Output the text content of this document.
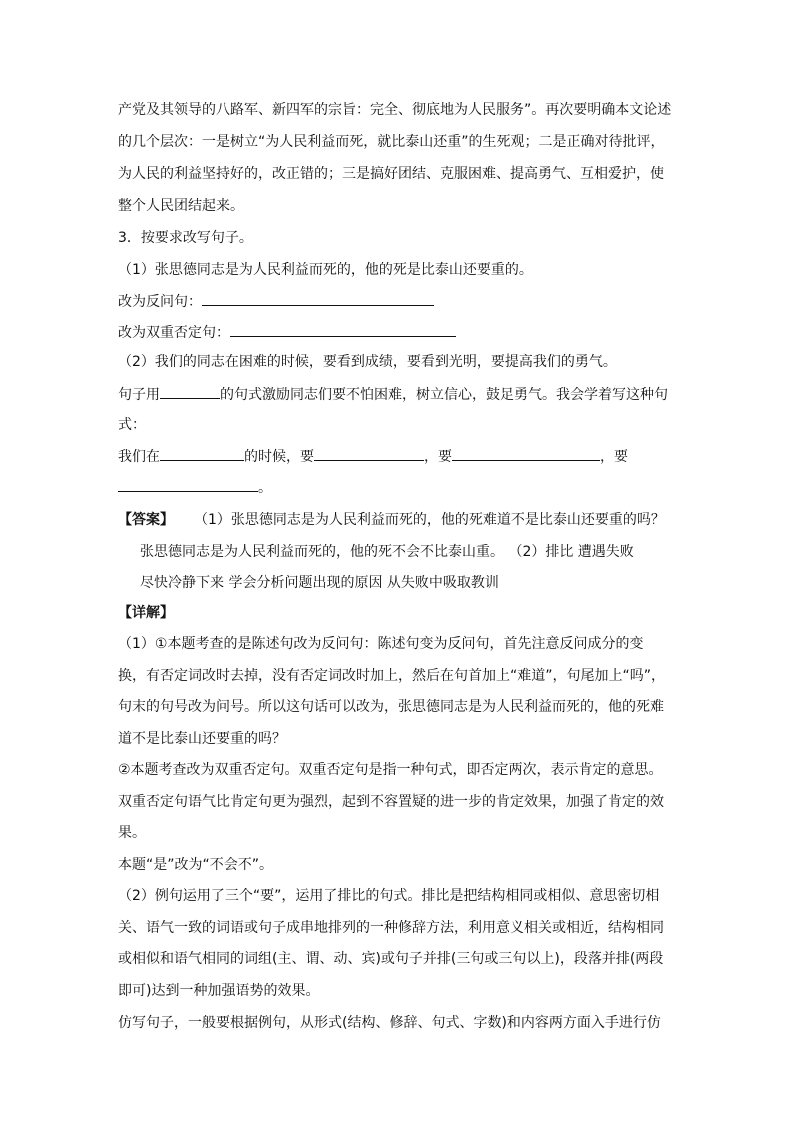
产党及其领导的八路军、新四军的宗旨：完全、彻底地为人民服务”。再次要明确本文论述
的几个层次：一是树立“为人民利益而死，就比泰山还重”的生死观；二是正确对待批评，
为人民的利益坚持好的，改正错的；三是搞好团结、克服困难、提高勇气、互相爱护，使
整个人民团结起来。
3．按要求改写句子。
（1）张思德同志是为人民利益而死的，他的死是比泰山还要重的。
改为反问句：
改为双重否定句：
（2）我们的同志在困难的时候，要看到成绩，要看到光明，要提高我们的勇气。
句子用	的句式激励同志们要不怕困难，树立信心，鼓足勇气。我会学着写这种句
式：
我们在	的时候，要	，要	，要
。
【答案】 （1）张思德同志是为人民利益而死的，他的死难道不是比泰山还要重的吗？
张思德同志是为人民利益而死的，他的死不会不比泰山重。 （2）排比 遭遇失败
尽快冷静下来 学会分析问题出现的原因 从失败中吸取教训
【详解】
（1）①本题考查的是陈述句改为反问句：陈述句变为反问句，首先注意反问成分的变
换，有否定词改时去掉，没有否定词改时加上，然后在句首加上“难道”，句尾加上“吗”，
句末的句号改为问号。所以这句话可以改为，张思德同志是为人民利益而死的，他的死难
道不是比泰山还要重的吗？
②本题考查改为双重否定句。双重否定句是指一种句式，即否定两次，表示肯定的意思。
双重否定句语气比肯定句更为强烈，起到不容置疑的进一步的肯定效果，加强了肯定的效
果。
本题“是”改为“不会不”。
（2）例句运用了三个“要”，运用了排比的句式。排比是把结构相同或相似、意思密切相
关、语气一致的词语或句子成串地排列的一种修辞方法，利用意义相关或相近，结构相同
或相似和语气相同的词组(主、谓、动、宾)或句子并排(三句或三句以上)，段落并排(两段
即可)达到一种加强语势的效果。
仿写句子，一般要根据例句，从形式(结构、修辞、句式、字数)和内容两方面入手进行仿
